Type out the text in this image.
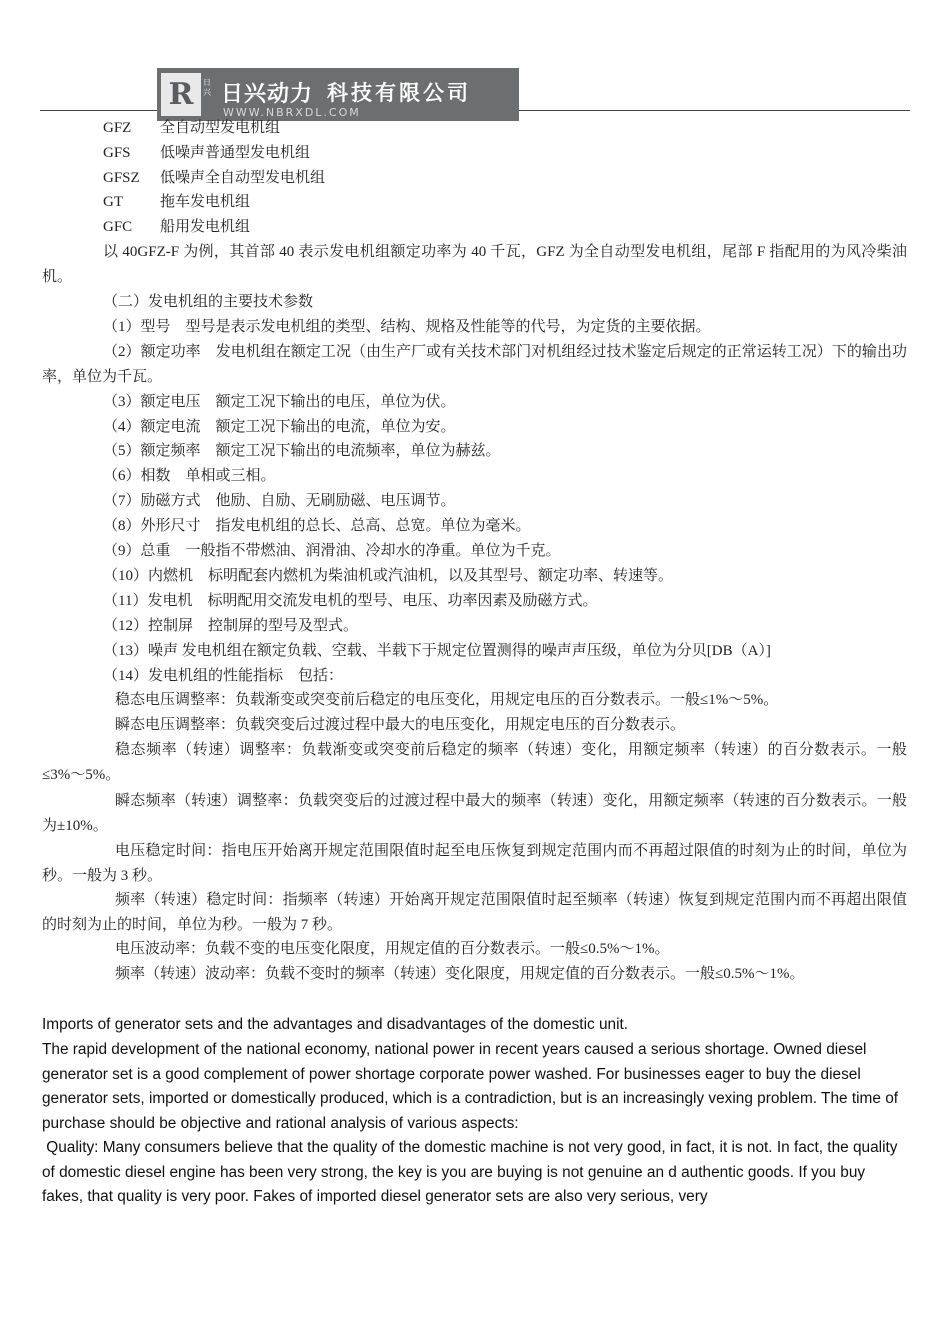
R	日兴 日兴动力 科技有限公司
WWW.NBRXDL.COM
GFZ 全自动型发电机组
GFS 低噪声普通型发电机组
GFSZ 低噪声全自动型发电机组
GT 拖车发电机组
GFC 船用发电机组
以 40GFZ-F 为例，其首部 40 表示发电机组额定功率为 40 千瓦，GFZ 为全自动型发电机组，尾部 F 指配用的为风冷柴油机。
（二）发电机组的主要技术参数
（1）型号　型号是表示发电机组的类型、结构、规格及性能等的代号，为定货的主要依据。
（2）额定功率　发电机组在额定工况（由生产厂或有关技术部门对机组经过技术鉴定后规定的正常运转工况）下的输出功率，单位为千瓦。
（3）额定电压　额定工况下输出的电压，单位为伏。
（4）额定电流　额定工况下输出的电流，单位为安。
（5）额定频率　额定工况下输出的电流频率，单位为赫兹。
（6）相数　单相或三相。
（7）励磁方式　他励、自励、无刷励磁、电压调节。
（8）外形尺寸　指发电机组的总长、总高、总宽。单位为毫米。
（9）总重　一般指不带燃油、润滑油、冷却水的净重。单位为千克。
（10）内燃机　标明配套内燃机为柴油机或汽油机，以及其型号、额定功率、转速等。
（11）发电机　标明配用交流发电机的型号、电压、功率因素及励磁方式。
（12）控制屏　控制屏的型号及型式。
（13）噪声 发电机组在额定负载、空载、半载下于规定位置测得的噪声声压级，单位为分贝[DB（A）]
（14）发电机组的性能指标　包括：
稳态电压调整率：负载渐变或突变前后稳定的电压变化，用规定电压的百分数表示。一般≤1%～5%。
瞬态电压调整率：负载突变后过渡过程中最大的电压变化，用规定电压的百分数表示。
稳态频率（转速）调整率：负载渐变或突变前后稳定的频率（转速）变化，用额定频率（转速）的百分数表示。一般≤3%～5%。
瞬态频率（转速）调整率：负载突变后的过渡过程中最大的频率（转速）变化，用额定频率（转速的百分数表示。一般为±10%。
电压稳定时间：指电压开始离开规定范围限值时起至电压恢复到规定范围内而不再超过限值的时刻为止的时间，单位为秒。一般为 3 秒。
频率（转速）稳定时间：指频率（转速）开始离开规定范围限值时起至频率（转速）恢复到规定范围内而不再超出限值的时刻为止的时间，单位为秒。一般为 7 秒。
电压波动率：负载不变的电压变化限度，用规定值的百分数表示。一般≤0.5%～1%。
频率（转速）波动率：负载不变时的频率（转速）变化限度，用规定值的百分数表示。一般≤0.5%～1%。
Imports of generator sets and the advantages and disadvantages of the domestic unit.
The rapid development of the national economy, national power in recent years caused a serious shortage. Owned diesel generator set is a good complement of power shortage corporate power washed. For businesses eager to buy the diesel generator sets, imported or domestically produced, which is a contradiction, but is an increasingly vexing problem. The time of purchase should be objective and rational analysis of various aspects:
Quality: Many consumers believe that the quality of the domestic machine is not very good, in fact, it is not. In fact, the quality of domestic diesel engine has been very strong, the key is you are buying is not genuine an d authentic goods. If you buy fakes, that quality is very poor. Fakes of imported diesel generator sets are also very serious, very
